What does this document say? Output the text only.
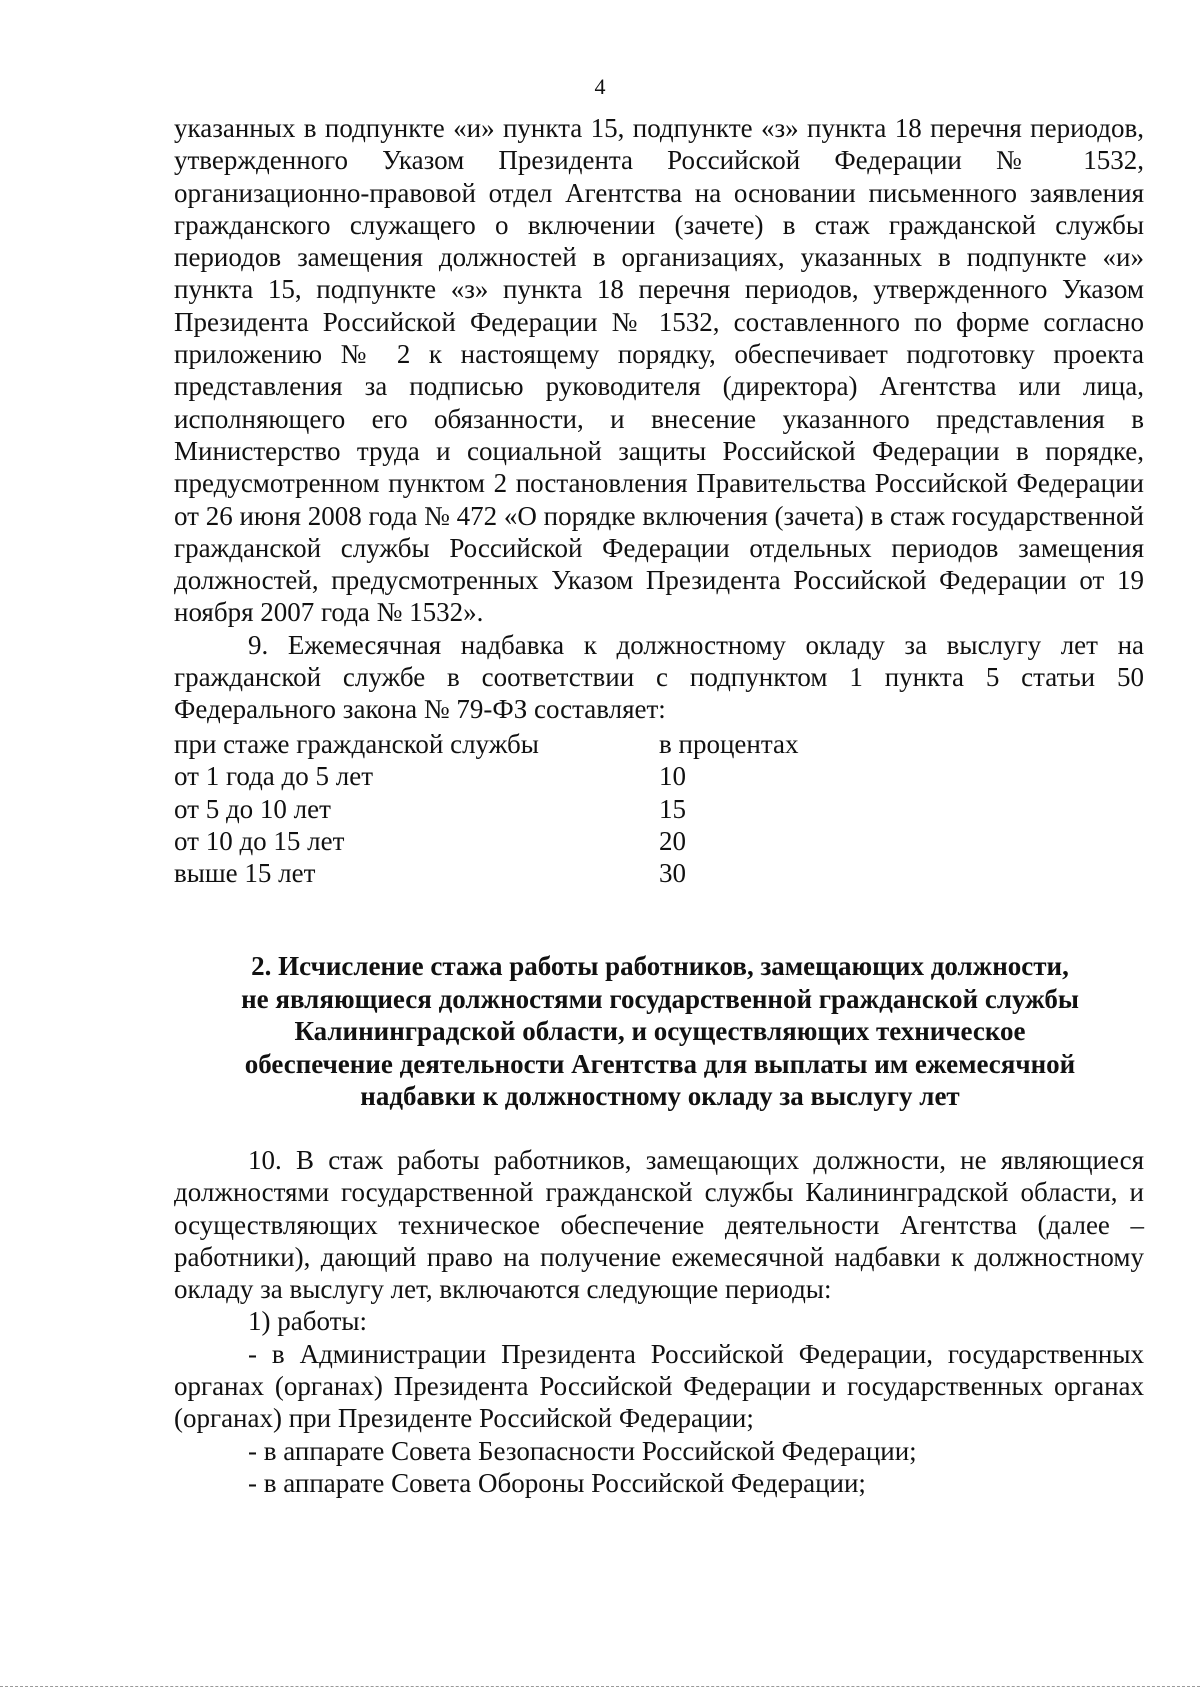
4

указанных в подпункте «и» пункта 15, подпункте «з» пункта 18 перечня периодов, утвержденного Указом Президента Российской Федерации № 1532, организационно-правовой отдел Агентства на основании письменного заявления гражданского служащего о включении (зачете) в стаж гражданской службы периодов замещения должностей в организациях, указанных в подпункте «и» пункта 15, подпункте «з» пункта 18 перечня периодов, утвержденного Указом Президента Российской Федерации № 1532, составленного по форме согласно приложению № 2 к настоящему порядку, обеспечивает подготовку проекта представления за подписью руководителя (директора) Агентства или лица, исполняющего его обязанности, и внесение указанного представления в Министерство труда и социальной защиты Российской Федерации в порядке, предусмотренном пунктом 2 постановления Правительства Российской Федерации от 26 июня 2008 года № 472 «О порядке включения (зачета) в стаж государственной гражданской службы Российской Федерации отдельных периодов замещения должностей, предусмотренных Указом Президента Российской Федерации от 19 ноября 2007 года № 1532».

9. Ежемесячная надбавка к должностному окладу за выслугу лет на гражданской службе в соответствии с подпунктом 1 пункта 5 статьи 50 Федерального закона № 79-ФЗ составляет:

при стаже гражданской службы	в процентах
от 1 года до 5 лет	10
от 5 до 10 лет	15
от 10 до 15 лет	20
выше 15 лет	30
2. Исчисление стажа работы работников, замещающих должности,
не являющиеся должностями государственной гражданской службы
Калининградской области, и осуществляющих техническое
обеспечение деятельности Агентства для выплаты им ежемесячной
надбавки к должностному окладу за выслугу лет

10. В стаж работы работников, замещающих должности, не являющиеся должностями государственной гражданской службы Калининградской области, и осуществляющих техническое обеспечение деятельности Агентства (далее – работники), дающий право на получение ежемесячной надбавки к должностному окладу за выслугу лет, включаются следующие периоды:

1) работы:

- в Администрации Президента Российской Федерации, государственных органах (органах) Президента Российской Федерации и государственных органах (органах) при Президенте Российской Федерации;

- в аппарате Совета Безопасности Российской Федерации;

- в аппарате Совета Обороны Российской Федерации;
